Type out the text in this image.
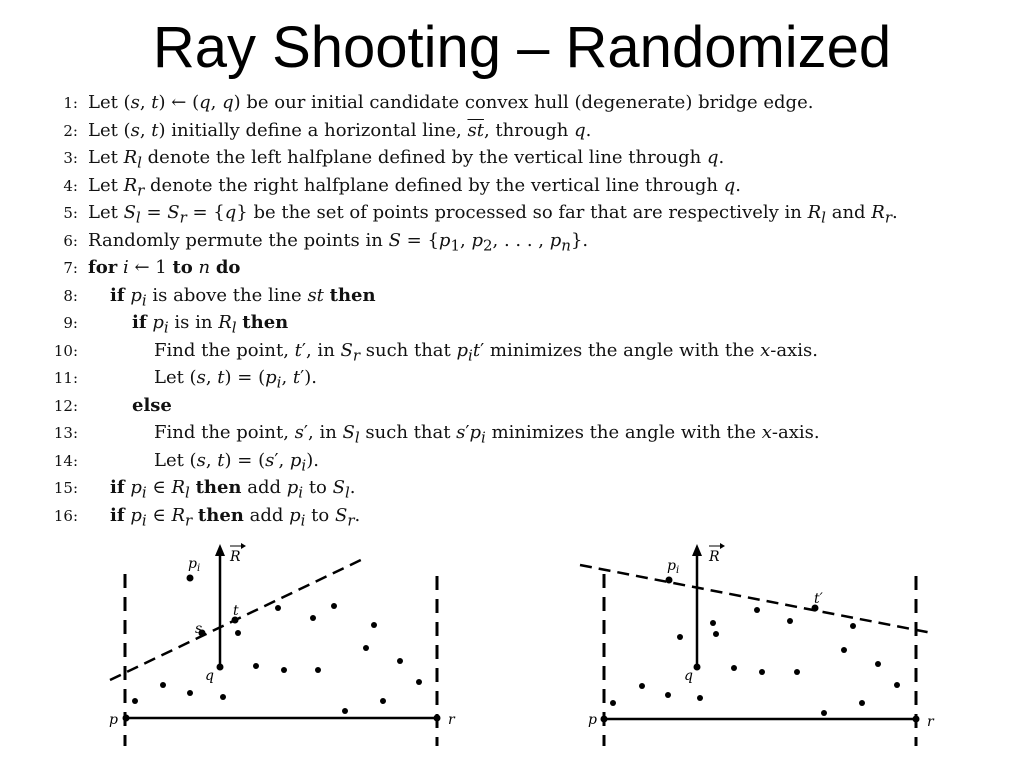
Ray Shooting – Randomized
1: Let (s, t) ← (q, q) be our initial candidate convex hull (degenerate) bridge edge.
2: Let (s, t) initially define a horizontal line, $\overline{st}$, through q.
3: Let $R_l$ denote the left halfplane defined by the vertical line through q.
4: Let $R_r$ denote the right halfplane defined by the vertical line through q.
5: Let $S_l = S_r = \{q\}$ be the set of points processed so far that are respectively in $R_l$ and $R_r$.
6: Randomly permute the points in $S = \{p_1$, $p_2$, . . . , $p_n$}.
7: for i ← 1 to n do
8: if $p_i$ is above the line st then
9:	if $p_i$ is in $R_l$ then
10:	Find the point, t′, in $S_r$ such that $p_it'$ minimizes the angle with the x-axis.
11:	Let (s, $t) = (p_i$, t′).
12:	else
13:	Find the point, s′, in $S_l$ such that $s'p_i$ minimizes the angle with the x-axis.
14:	Let (s, t) = (s′, $p_i$).
15: if $p_i$ ∈ $R_l$ then add $p_i$ to $S_l$.
16: if $p_i$ ∈ $R_r$ then add $p_i$ to $S_r$.
p	r
q
$p_i$
R
s
t
p	r
q
$p_i$
R
t′
